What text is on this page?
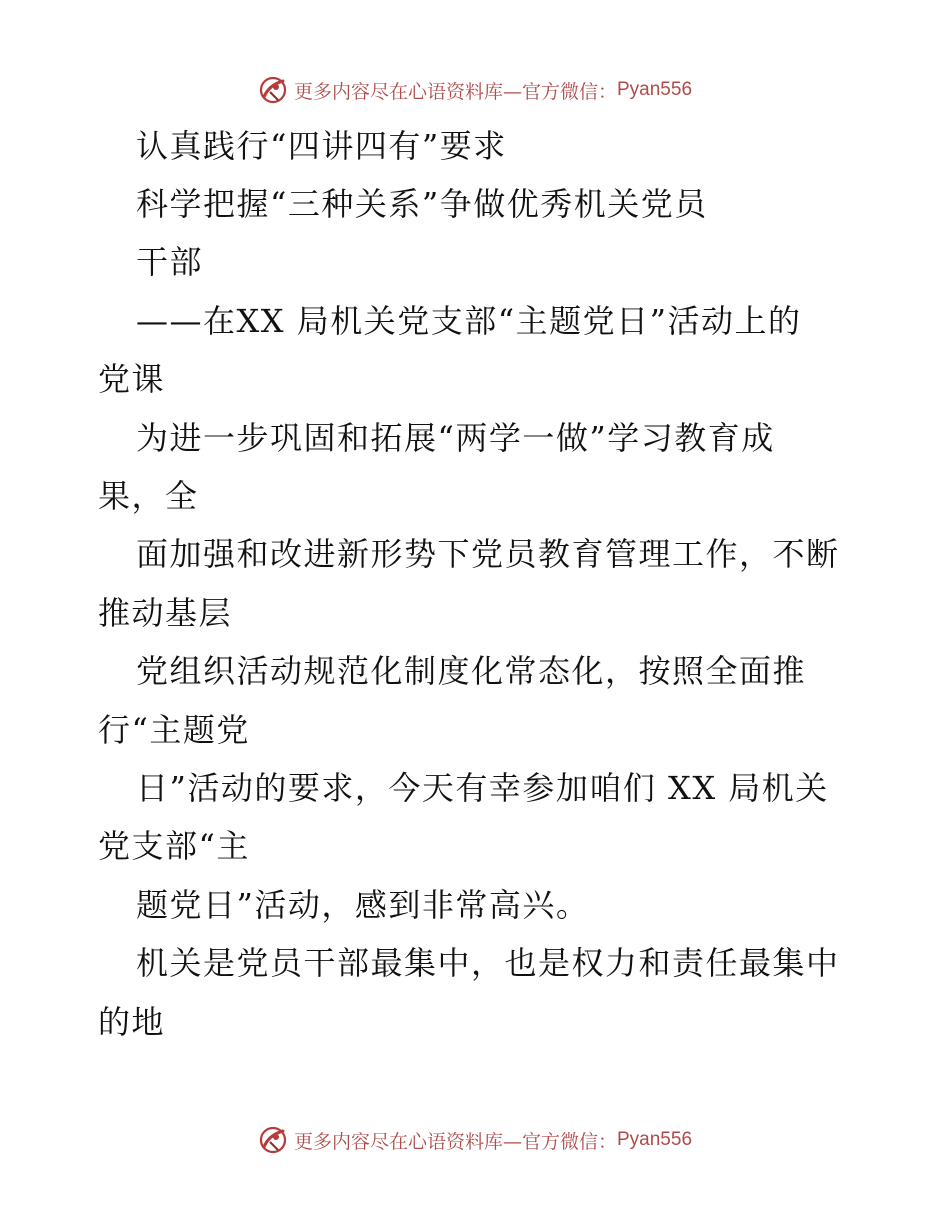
更多内容尽在心语资料库—官方微信： Pyan556
认真践行“四讲四有”要求
科学把握“三种关系”争做优秀机关党员
干部
——在XX 局机关党支部“主题党日”活动上的
党课
为进一步巩固和拓展“两学一做”学习教育成
果，全
面加强和改进新形势下党员教育管理工作，不断
推动基层
党组织活动规范化制度化常态化，按照全面推
行“主题党
日”活动的要求，今天有幸参加咱们 XX 局机关
党支部“主
题党日”活动，感到非常高兴。
机关是党员干部最集中，也是权力和责任最集中
的地
更多内容尽在心语资料库—官方微信： Pyan556
